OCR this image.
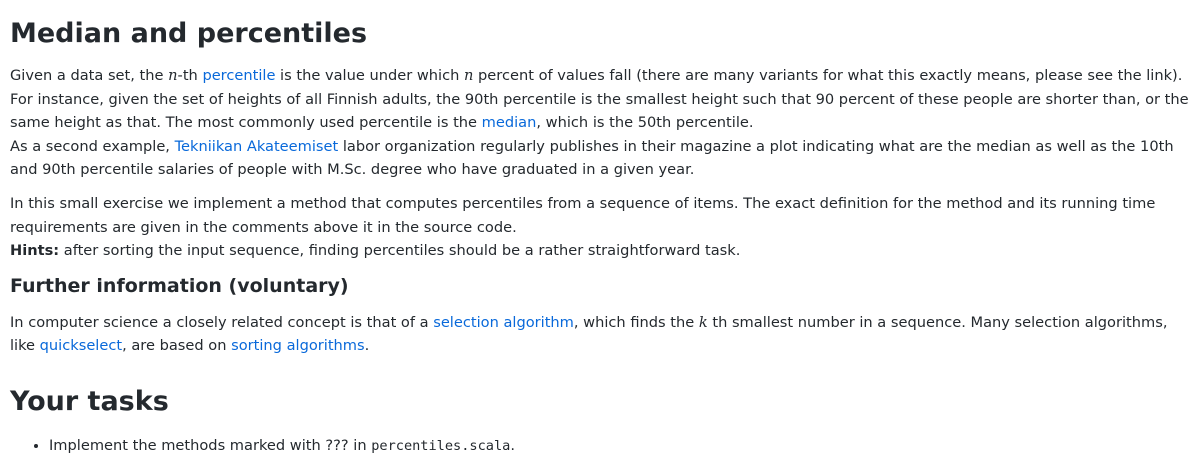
Median and percentiles

Given a data set, the n-th percentile is the value under which n percent of values fall (there are many variants for what this exactly means, please see the link). For instance, given the set of heights of all Finnish adults, the 90th percentile is the smallest height such that 90 percent of these people are shorter than, or the same height as that. The most commonly used percentile is the median, which is the 50th percentile.
As a second example, Tekniikan Akateemiset labor organization regularly publishes in their magazine a plot indicating what are the median as well as the 10th and 90th percentile salaries of people with M.Sc. degree who have graduated in a given year.

In this small exercise we implement a method that computes percentiles from a sequence of items. The exact definition for the method and its running time requirements are given in the comments above it in the source code.
Hints: after sorting the input sequence, finding percentiles should be a rather straightforward task.

Further information (voluntary)

In computer science a closely related concept is that of a selection algorithm, which finds the k th smallest number in a sequence. Many selection algorithms, like quickselect, are based on sorting algorithms.

Your tasks
• Implement the methods marked with ??? in percentiles.scala.
